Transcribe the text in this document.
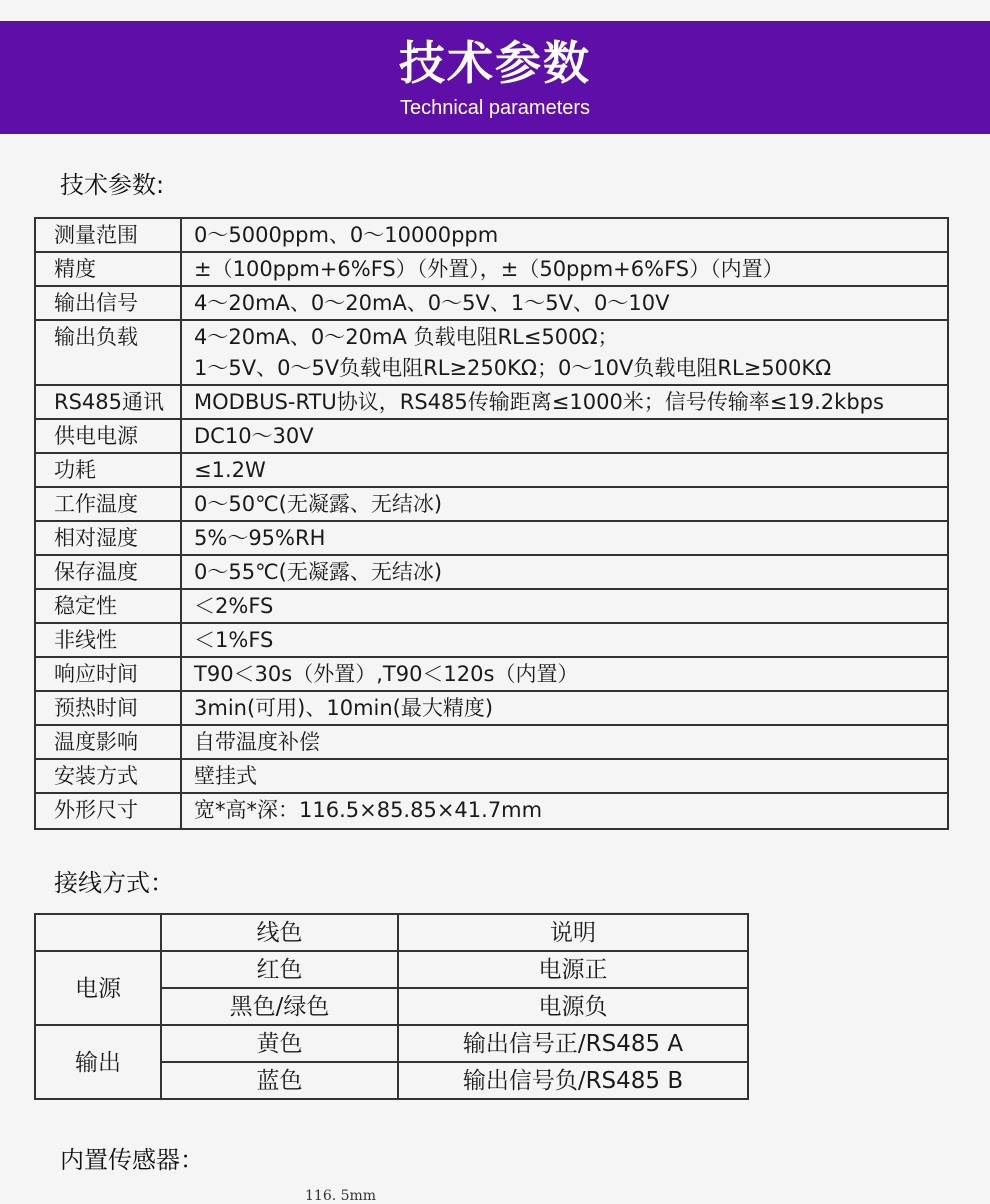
技术参数
Technical parameters
技术参数:
测量范围	0～5000ppm、0～10000ppm

精度	±（100ppm+6%FS）（外置），±（50ppm+6%FS）（内置）

输出信号	4～20mA、0～20mA、0～5V、1～5V、0～10V

输出负载	4～20mA、0～20mA 负载电阻RL≤500Ω；
1～5V、0～5V负载电阻RL≥250KΩ；0～10V负载电阻RL≥500KΩ

RS485通讯	MODBUS-RTU协议，RS485传输距离≤1000米；信号传输率≤19.2kbps

供电电源	DC10～30V

功耗	≤1.2W

工作温度	0～50℃(无凝露、无结冰)

相对湿度	5%～95%RH

保存温度	0～55℃(无凝露、无结冰)

稳定性	＜2%FS

非线性	＜1%FS

响应时间	T90＜30s（外置）,T90＜120s（内置）

预热时间	3min(可用)、10min(最大精度)

温度影响	自带温度补偿

安装方式	壁挂式

外形尺寸	宽*高*深：116.5×85.85×41.7mm
接线方式：
	线色	说明
电源	红色	电源正
	黑色/绿色	电源负
输出	黄色	输出信号正/RS485 A
	蓝色	输出信号负/RS485 B
内置传感器：
116. 5mm
